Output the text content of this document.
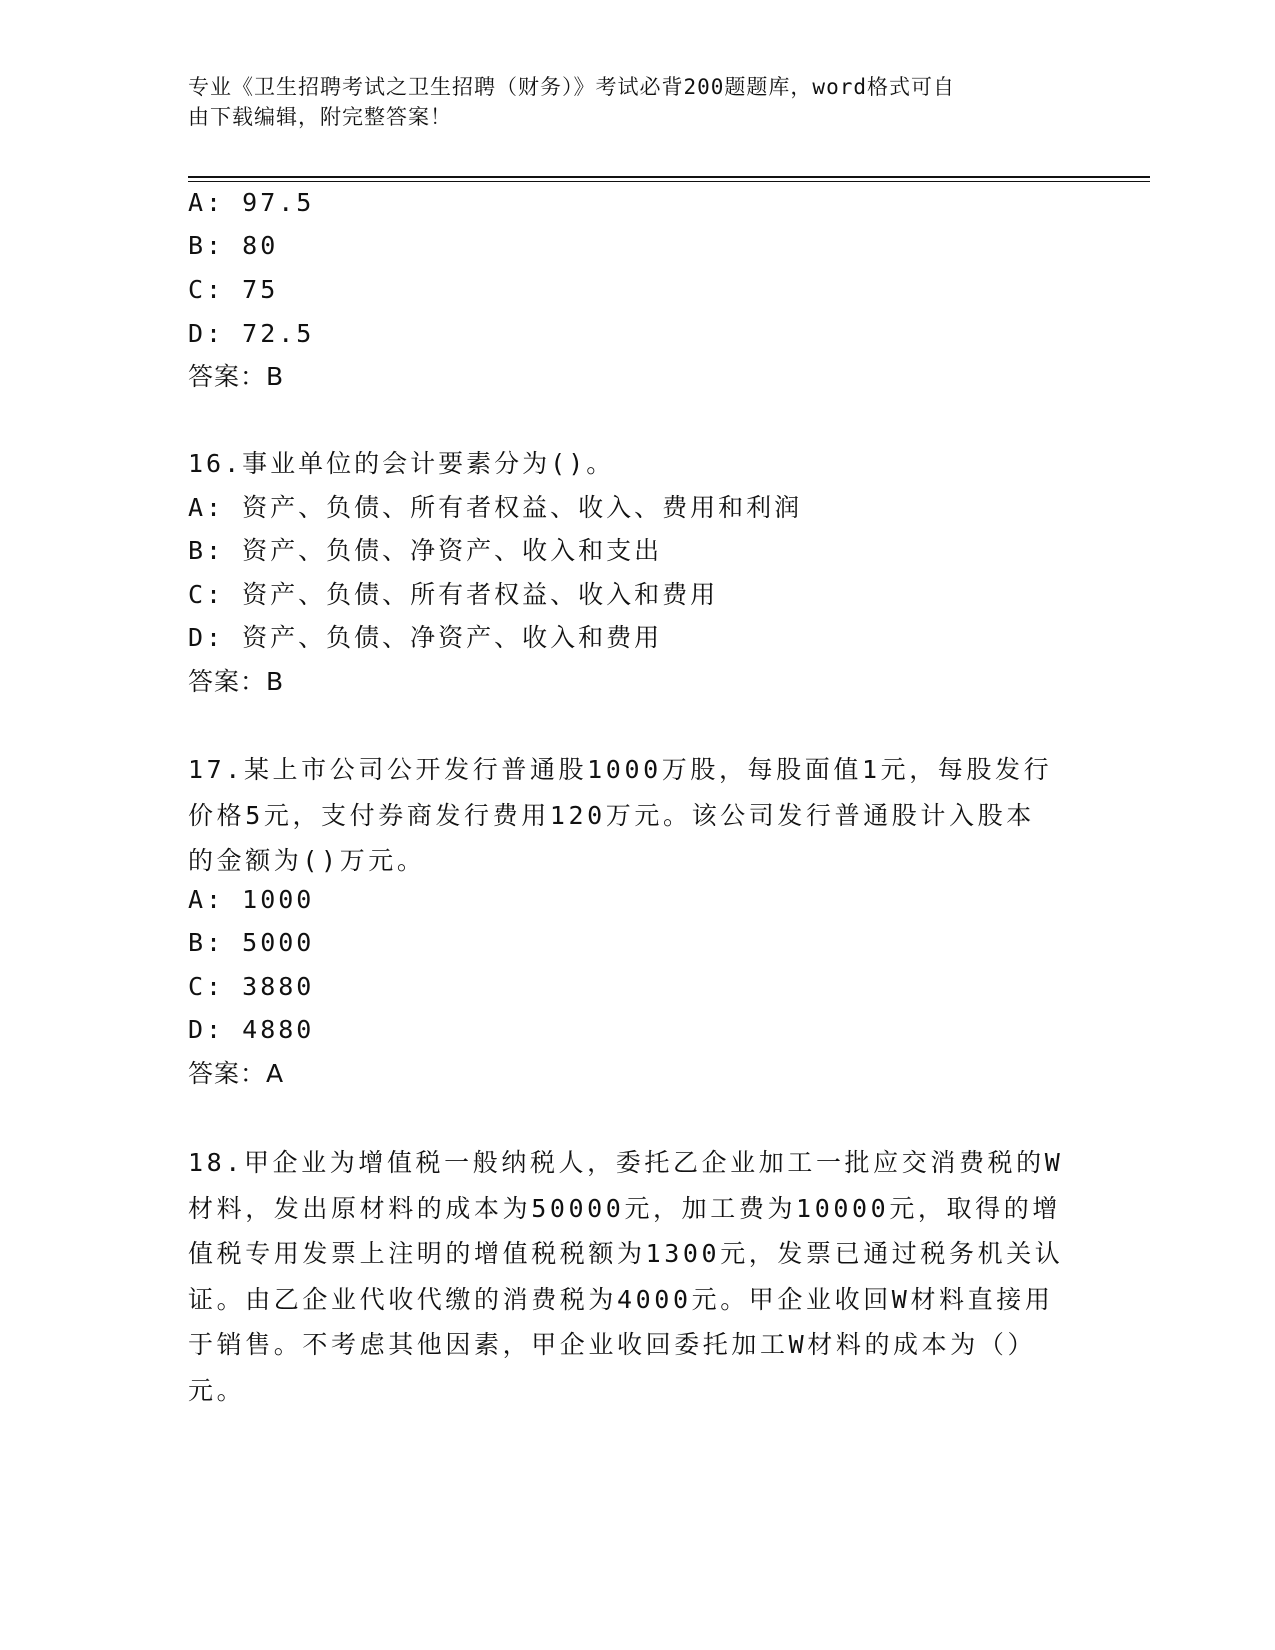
专业《卫生招聘考试之卫生招聘（财务）》考试必背200题题库，word格式可自
由下载编辑，附完整答案！
A: 97.5
B: 80
C: 75
D: 72.5
答案：B
16.事业单位的会计要素分为()。
A: 资产、负债、所有者权益、收入、费用和利润
B: 资产、负债、净资产、收入和支出
C: 资产、负债、所有者权益、收入和费用
D: 资产、负债、净资产、收入和费用
答案：B
17.某上市公司公开发行普通股1000万股，每股面值1元，每股发行
价格5元，支付券商发行费用120万元。该公司发行普通股计入股本
的金额为()万元。
A: 1000
B: 5000
C: 3880
D: 4880
答案：A
18.甲企业为增值税一般纳税人，委托乙企业加工一批应交消费税的W
材料，发出原材料的成本为50000元，加工费为10000元，取得的增
值税专用发票上注明的增值税税额为1300元，发票已通过税务机关认
证。由乙企业代收代缴的消费税为4000元。甲企业收回W材料直接用
于销售。不考虑其他因素，甲企业收回委托加工W材料的成本为（）
元。
